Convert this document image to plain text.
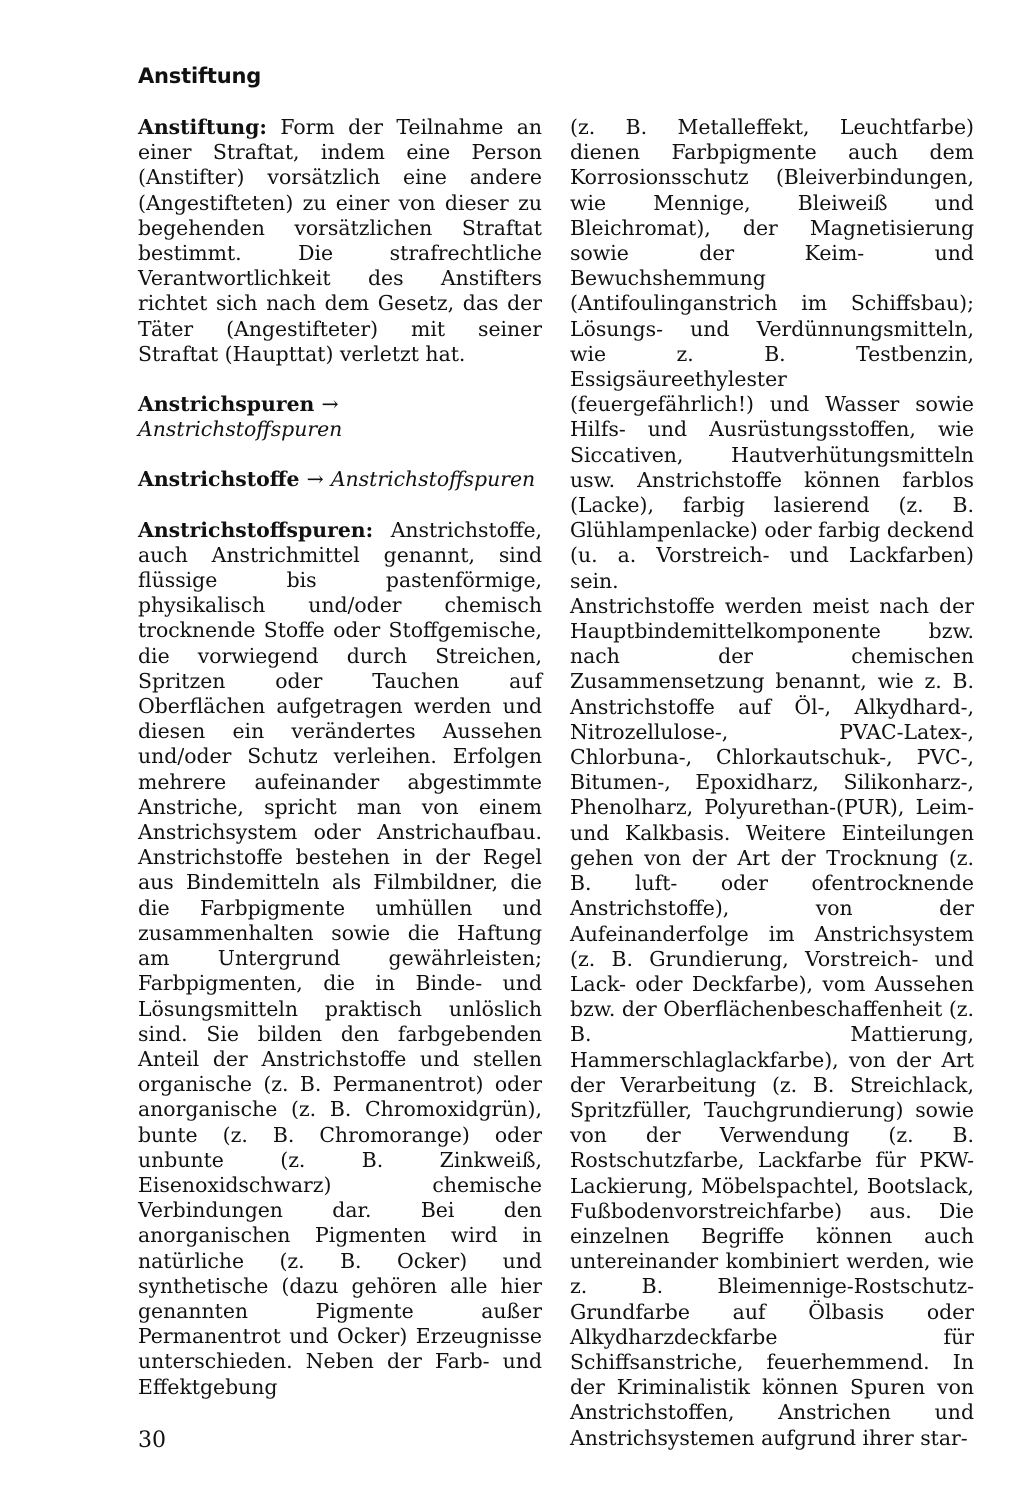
Anstiftung
Anstiftung: Form der Teilnahme an einer Straftat, indem eine Person (Anstifter) vorsätzlich eine andere (Angestifteten) zu einer von dieser zu begehenden vorsätzlichen Straftat bestimmt. Die strafrechtliche Verantwortlichkeit des Anstifters richtet sich nach dem Gesetz, das der Täter (Angestifteter) mit seiner Straftat (Haupttat) verletzt hat.
Anstrichspuren →Anstrichstoffspuren
Anstrichstoffe → Anstrichstoffspuren
Anstrichstoffspuren: Anstrichstoffe, auch Anstrichmittel genannt, sind flüssige bis pastenförmige, physikalisch und/oder chemisch trocknende Stoffe oder Stoffgemische, die vorwiegend durch Streichen, Spritzen oder Tauchen auf Oberflächen aufgetragen werden und diesen ein verändertes Aussehen und/oder Schutz verleihen. Erfolgen mehrere aufeinander abgestimmte Anstriche, spricht man von einem Anstrichsystem oder Anstrichaufbau. Anstrichstoffe bestehen in der Regel aus Bindemitteln als Filmbildner, die die Farbpigmente umhüllen und zusammenhalten sowie die Haftung am Untergrund gewährleisten; Farbpigmenten, die in Binde- und Lösungsmitteln praktisch unlöslich sind. Sie bilden den farbgebenden Anteil der Anstrichstoffe und stellen organische (z. B. Permanentrot) oder anorganische (z. B. Chromoxidgrün), bunte (z. B. Chromorange) oder unbunte (z. B. Zinkweiß, Eisenoxidschwarz) chemische Verbindungen dar. Bei den anorganischen Pigmenten wird in natürliche (z. B. Ocker) und synthetische (dazu gehören alle hier genannten Pigmente außer Permanentrot und Ocker) Erzeugnisse unterschieden. Neben der Farb- und Effektgebung

(z. B. Metalleffekt, Leuchtfarbe) dienen Farbpigmente auch dem Korrosionsschutz (Bleiverbindungen, wie Mennige, Bleiweiß und Bleichromat), der Magnetisierung sowie der Keim- und Bewuchshemmung (Antifoulinganstrich im Schiffsbau); Lösungs- und Verdünnungsmitteln, wie z. B. Testbenzin, Essigsäureethylester (feuergefährlich!) und Wasser sowie Hilfs- und Ausrüstungsstoffen, wie Siccativen, Hautverhütungsmitteln usw. Anstrichstoffe können farblos (Lacke), farbig lasierend (z. B. Glühlampenlacke) oder farbig deckend (u. a. Vorstreich- und Lackfarben) sein.

Anstrichstoffe werden meist nach der Hauptbindemittelkomponente bzw. nach der chemischen Zusammensetzung benannt, wie z. B. Anstrichstoffe auf Öl-, Alkydhard-, Nitrozellulose-, PVAC-Latex-, Chlorbuna-, Chlorkautschuk-, PVC-, Bitumen-, Epoxidharz, Silikonharz-, Phenolharz, Polyurethan-(PUR), Leim- und Kalkbasis. Weitere Einteilungen gehen von der Art der Trocknung (z. B. luft- oder ofentrocknende Anstrichstoffe), von der Aufeinanderfolge im Anstrichsystem (z. B. Grundierung, Vorstreich- und Lack- oder Deckfarbe), vom Aussehen bzw. der Oberflächenbeschaffenheit (z. B. Mattierung, Hammerschlaglackfarbe), von der Art der Verarbeitung (z. B. Streichlack, Spritzfüller, Tauchgrundierung) sowie von der Verwendung (z. B. Rostschutzfarbe, Lackfarbe für PKW-Lackierung, Möbelspachtel, Bootslack, Fußbodenvorstreichfarbe) aus. Die einzelnen Begriffe können auch untereinander kombiniert werden, wie z. B. Bleimennige-Rostschutz-Grundfarbe auf Ölbasis oder Alkydharzdeckfarbe für Schiffsanstriche, feuerhemmend. In der Kriminalistik können Spuren von Anstrichstoffen, Anstrichen und Anstrichsystemen aufgrund ihrer star-

30
